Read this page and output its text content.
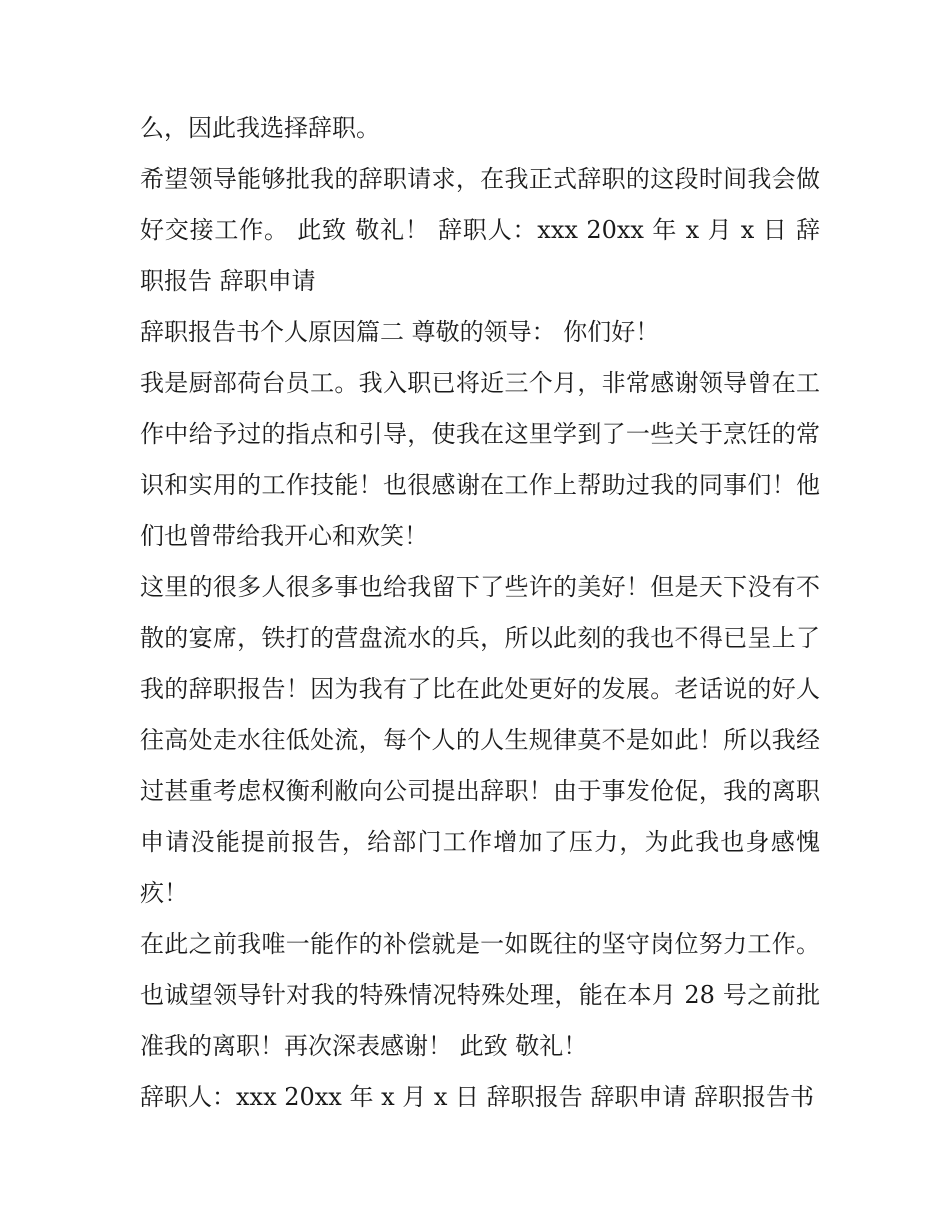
么，因此我选择辞职。

希望领导能够批我的辞职请求，在我正式辞职的这段时间我会做好交接工作。 此致 敬礼！ 辞职人：xxx 20xx 年 x 月 x 日 辞职报告 辞职申请

辞职报告书个人原因篇二 尊敬的领导： 你们好！

我是厨部荷台员工。我入职已将近三个月，非常感谢领导曾在工作中给予过的指点和引导，使我在这里学到了一些关于烹饪的常识和实用的工作技能！也很感谢在工作上帮助过我的同事们！他们也曾带给我开心和欢笑！

这里的很多人很多事也给我留下了些许的美好！但是天下没有不散的宴席，铁打的营盘流水的兵，所以此刻的我也不得已呈上了我的辞职报告！因为我有了比在此处更好的发展。老话说的好人往高处走水往低处流，每个人的人生规律莫不是如此！所以我经过甚重考虑权衡利敝向公司提出辞职！由于事发伧促，我的离职申请没能提前报告，给部门工作增加了压力，为此我也身感愧疚！

在此之前我唯一能作的补偿就是一如既往的坚守岗位努力工作。 也诚望领导针对我的特殊情况特殊处理，能在本月 28 号之前批准我的离职！再次深表感谢！ 此致 敬礼！

辞职人：xxx 20xx 年 x 月 x 日 辞职报告 辞职申请 辞职报告书
